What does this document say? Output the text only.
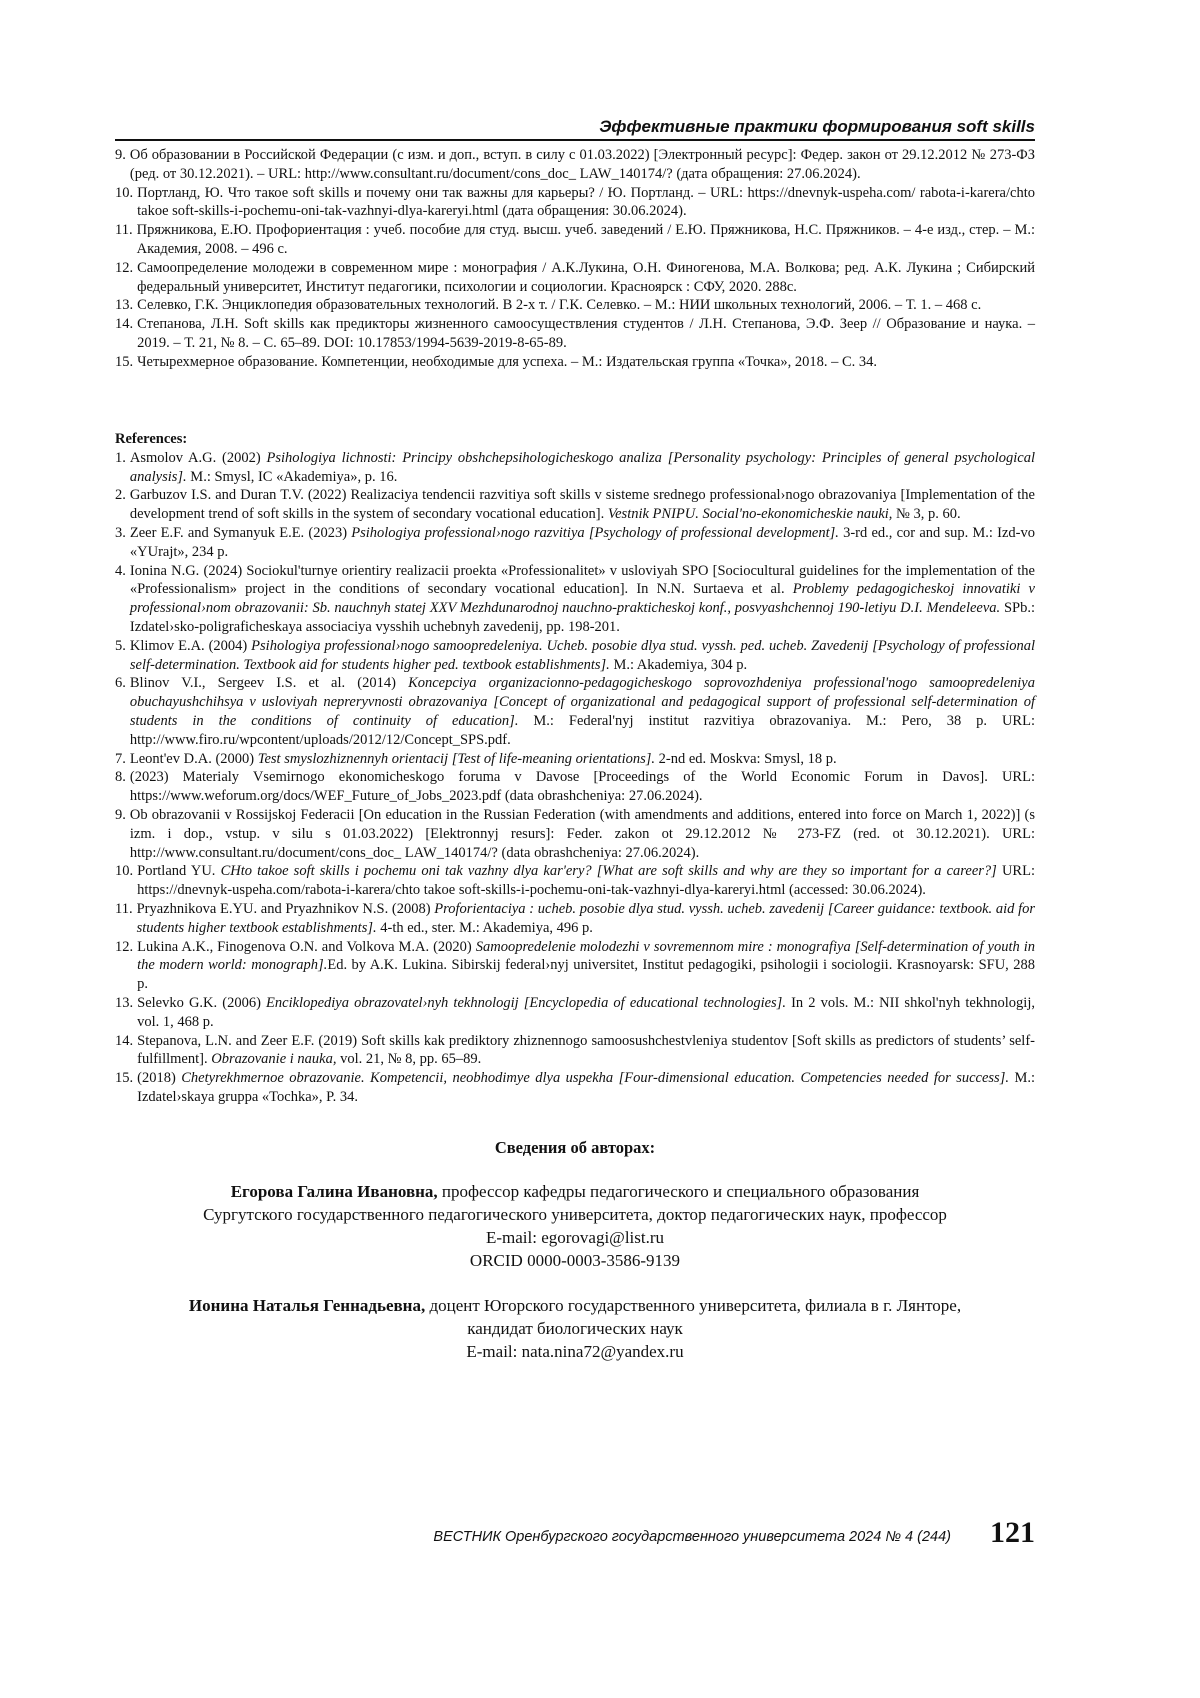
Эффективные практики формирования soft skills
9. Об образовании в Российской Федерации (с изм. и доп., вступ. в силу с 01.03.2022) [Электронный ресурс]: Федер. закон от 29.12.2012 № 273-ФЗ (ред. от 30.12.2021). – URL: http://www.consultant.ru/document/cons_doc_ LAW_140174/? (дата обращения: 27.06.2024).
10. Портланд, Ю. Что такое soft skills и почему они так важны для карьеры? / Ю. Портланд. – URL: https://dnevnyk-uspeha.com/ rabota-i-karera/chto takoe soft-skills-i-pochemu-oni-tak-vazhnyi-dlya-kareryi.html (дата обращения: 30.06.2024).
11. Пряжникова, Е.Ю. Профориентация : учеб. пособие для студ. высш. учеб. заведений / Е.Ю. Пряжникова, Н.С. Пряжников. – 4-е изд., стер. – М.: Академия, 2008. – 496 с.
12. Самоопределение молодежи в современном мире : монография / А.К.Лукина, О.Н. Финогенова, М.А. Волкова; ред. А.К. Лукина ; Сибирский федеральный университет, Институт педагогики, психологии и социологии. Красноярск : СФУ, 2020. 288с.
13. Селевко, Г.К. Энциклопедия образовательных технологий. В 2-х т. / Г.К. Селевко. – М.: НИИ школьных технологий, 2006. – Т. 1. – 468 с.
14. Степанова, Л.Н. Soft skills как предикторы жизненного самоосуществления студентов / Л.Н. Степанова, Э.Ф. Зеер // Образование и наука. – 2019. – Т. 21, № 8. – С. 65–89. DOI: 10.17853/1994-5639-2019-8-65-89.
15. Четырехмерное образование. Компетенции, необходимые для успеха. – М.: Издательская группа «Точка», 2018. – С. 34.
References:
1. Asmolov A.G. (2002) Psihologiya lichnosti: Principy obshchepsihologicheskogo analiza [Personality psychology: Principles of general psychological analysis]. M.: Smysl, IC «Akademiya», p. 16.
2. Garbuzov I.S. and Duran T.V. (2022) Realizaciya tendencii razvitiya soft skills v sisteme srednego professional›nogo obrazovaniya [Implementation of the development trend of soft skills in the system of secondary vocational education]. Vestnik PNIPU. Social'no-ekonomicheskie nauki, № 3, p. 60.
3. Zeer E.F. and Symanyuk E.E. (2023) Psihologiya professional›nogo razvitiya [Psychology of professional development]. 3-rd ed., cor and sup. M.: Izd-vo «YUrajt», 234 p.
4. Ionina N.G. (2024) Sociokul'turnye orientiry realizacii proekta «Professionalitet» v usloviyah SPO [Sociocultural guidelines for the implementation of the «Professionalism» project in the conditions of secondary vocational education]. In N.N. Surtaeva et al. Problemy pedagogicheskoj innovatiki v professional›nom obrazovanii: Sb. nauchnyh statej XXV Mezhdunarodnoj nauchno-prakticheskoj konf., posvyashchennoj 190-letiyu D.I. Mendeleeva. SPb.: Izdatel›sko-poligraficheskaya associaciya vysshih uchebnyh zavedenij, pp. 198-201.
5. Klimov E.A. (2004) Psihologiya professional›nogo samoopredeleniya. Ucheb. posobie dlya stud. vyssh. ped. ucheb. Zavedenij [Psychology of professional self-determination. Textbook aid for students higher ped. textbook establishments]. M.: Akademiya, 304 p.
6. Blinov V.I., Sergeev I.S. et al. (2014) Koncepciya organizacionno-pedagogicheskogo soprovozhdeniya professional'nogo samoopredeleniya obuchayushchihsya v usloviyah nepreryvnosti obrazovaniya [Concept of organizational and pedagogical support of professional self-determination of students in the conditions of continuity of education]. M.: Federal'nyj institut razvitiya obrazovaniya. M.: Pero, 38 p. URL: http://www.firo.ru/wpcontent/uploads/2012/12/Concept_SPS.pdf.
7. Leont'ev D.A. (2000) Test smyslozhiznennyh orientacij [Test of life-meaning orientations]. 2-nd ed. Moskva: Smysl, 18 p.
8. (2023) Materialy Vsemirnogo ekonomicheskogo foruma v Davose [Proceedings of the World Economic Forum in Davos]. URL: https://www.weforum.org/docs/WEF_Future_of_Jobs_2023.pdf (data obrashcheniya: 27.06.2024).
9. Ob obrazovanii v Rossijskoj Federacii [On education in the Russian Federation (with amendments and additions, entered into force on March 1, 2022)] (s izm. i dop., vstup. v silu s 01.03.2022) [Elektronnyj resurs]: Feder. zakon ot 29.12.2012 № 273-FZ (red. ot 30.12.2021). URL: http://www.consultant.ru/document/cons_doc_ LAW_140174/? (data obrashcheniya: 27.06.2024).
10. Portland YU. CHto takoe soft skills i pochemu oni tak vazhny dlya kar'ery? [What are soft skills and why are they so important for a career?] URL: https://dnevnyk-uspeha.com/rabota-i-karera/chto takoe soft-skills-i-pochemu-oni-tak-vazhnyi-dlya-kareryi.html (accessed: 30.06.2024).
11. Pryazhnikova E.YU. and Pryazhnikov N.S. (2008) Proforientaciya : ucheb. posobie dlya stud. vyssh. ucheb. zavedenij [Career guidance: textbook. aid for students higher textbook establishments]. 4-th ed., ster. M.: Akademiya, 496 p.
12. Lukina A.K., Finogenova O.N. and Volkova M.A. (2020) Samoopredelenie molodezhi v sovremennom mire : monografiya [Self-determination of youth in the modern world: monograph].Ed. by A.K. Lukina. Sibirskij federal›nyj universitet, Institut pedagogiki, psihologii i sociologii. Krasnoyarsk: SFU, 288 p.
13. Selevko G.K. (2006) Enciklopediya obrazovatel›nyh tekhnologij [Encyclopedia of educational technologies]. In 2 vols. M.: NII shkol'nyh tekhnologij, vol. 1, 468 p.
14. Stepanova, L.N. and Zeer E.F. (2019) Soft skills kak prediktory zhiznennogo samoosushchestvleniya studentov [Soft skills as predictors of students’ self-fulfillment]. Obrazovanie i nauka, vol. 21, № 8, pp. 65–89.
15. (2018) Chetyrekhmernoe obrazovanie. Kompetencii, neobhodimye dlya uspekha [Four-dimensional education. Competencies needed for success]. M.: Izdatel›skaya gruppa «Tochka», P. 34.
Сведения об авторах:
Егорова Галина Ивановна, профессор кафедры педагогического и специального образования
Сургутского государственного педагогического университета, доктор педагогических наук, профессор
E-mail: egorovagi@list.ru
ORCID 0000-0003-3586-9139
Ионина Наталья Геннадьевна, доцент Югорского государственного университета, филиала в г. Лянторе,
кандидат биологических наук
E-mail: nata.nina72@yandex.ru
ВЕСТНИК Оренбургского государственного университета 2024 № 4 (244) 121
